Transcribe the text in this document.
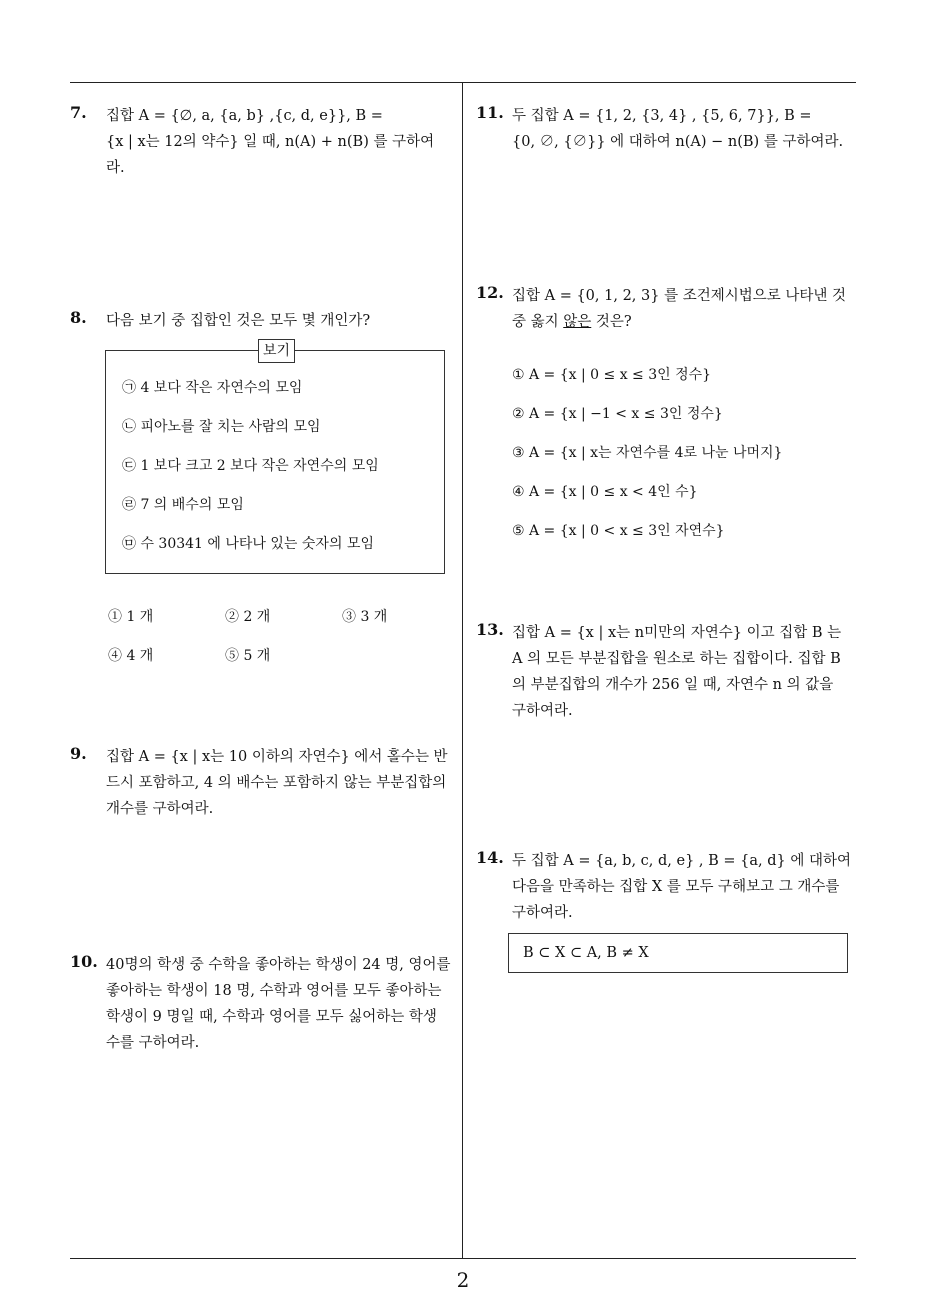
7. 집합 A = {∅, a, {a, b} ,{c, d, e}}, B =
{x | x는 12의 약수} 일 때, n(A) + n(B) 를 구하여
라.
8. 다음 보기 중 집합인 것은 모두 몇 개인가?
보기
㉠ 4 보다 작은 자연수의 모임
㉡ 피아노를 잘 치는 사람의 모임
㉢ 1 보다 크고 2 보다 작은 자연수의 모임
㉣ 7 의 배수의 모임
㉤ 수 30341 에 나타나 있는 숫자의 모임
① 1 개	② 2 개	③ 3 개
④ 4 개	⑤ 5 개
9. 집합 A = {x | x는 10 이하의 자연수} 에서 홀수는 반
드시 포함하고, 4 의 배수는 포함하지 않는 부분집합의
개수를 구하여라.
10. 40명의 학생 중 수학을 좋아하는 학생이 24 명, 영어를
좋아하는 학생이 18 명, 수학과 영어를 모두 좋아하는
학생이 9 명일 때, 수학과 영어를 모두 싫어하는 학생
수를 구하여라.
11. 두 집합 A = {1, 2, {3, 4} , {5, 6, 7}}, B =
{0, ∅, {∅}} 에 대하여 n(A) − n(B) 를 구하여라.
12. 집합 A = {0, 1, 2, 3} 를 조건제시법으로 나타낸 것
중 옳지 않은 것은?
① A = {x | 0 ≤ x ≤ 3인 정수}
② A = {x | −1 < x ≤ 3인 정수}
③ A = {x | x는 자연수를 4로 나눈 나머지}
④ A = {x | 0 ≤ x < 4인 수}
⑤ A = {x | 0 < x ≤ 3인 자연수}
13. 집합 A = {x | x는 n미만의 자연수} 이고 집합 B 는
A 의 모든 부분집합을 원소로 하는 집합이다. 집합 B
의 부분집합의 개수가 256 일 때, 자연수 n 의 값을
구하여라.
14. 두 집합 A = {a, b, c, d, e} , B = {a, d} 에 대하여
다음을 만족하는 집합 X 를 모두 구해보고 그 개수를
구하여라.
B ⊂ X ⊂ A, B ≠ X
2
